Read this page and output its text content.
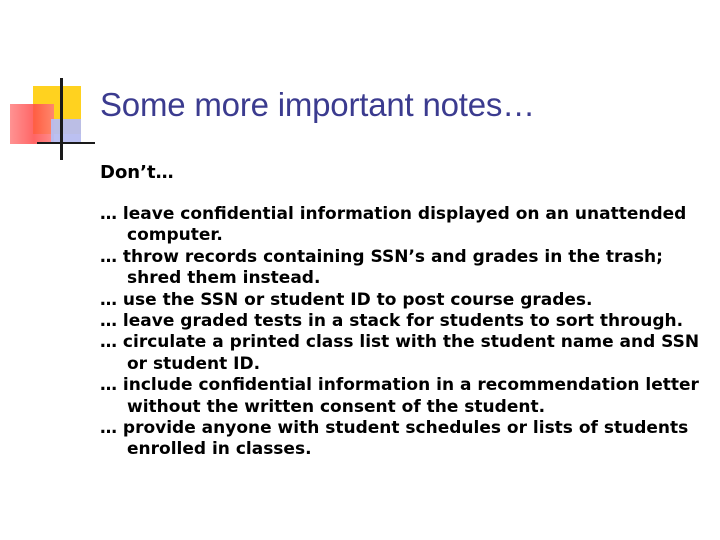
Some more important notes…
Don’t…
… leave confidential information displayed on an unattended computer.
… throw records containing SSN’s and grades in the trash; shred them instead.
… use the SSN or student ID to post course grades.
… leave graded tests in a stack for students to sort through.
… circulate a printed class list with the student name and SSN or student ID.
… include confidential information in a recommendation letter without the written consent of the student.
… provide anyone with student schedules or lists of students enrolled in classes.
